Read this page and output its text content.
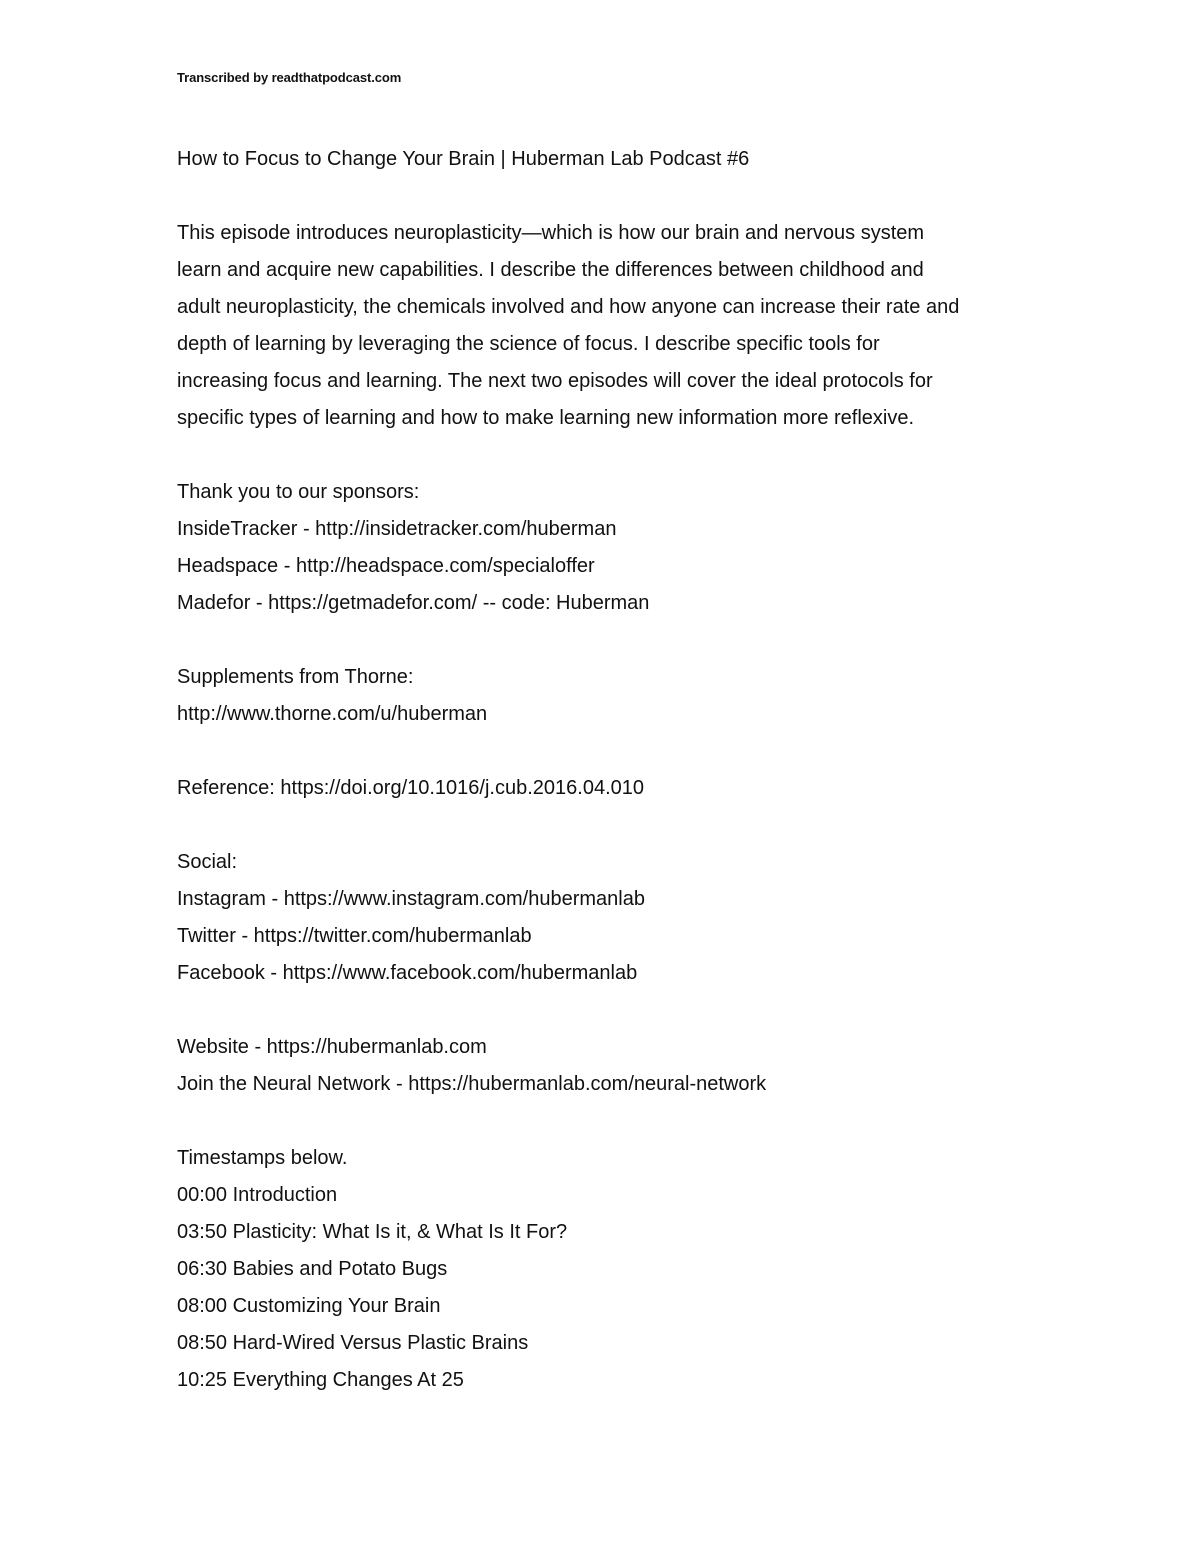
Transcribed by readthatpodcast.com
How to Focus to Change Your Brain | Huberman Lab Podcast #6
This episode introduces neuroplasticity—which is how our brain and nervous system
learn and acquire new capabilities. I describe the differences between childhood and
adult neuroplasticity, the chemicals involved and how anyone can increase their rate and
depth of learning by leveraging the science of focus. I describe specific tools for
increasing focus and learning. The next two episodes will cover the ideal protocols for
specific types of learning and how to make learning new information more reflexive.
Thank you to our sponsors:
InsideTracker - http://insidetracker.com/huberman
Headspace - http://headspace.com/specialoffer
Madefor - https://getmadefor.com/ -- code: Huberman
Supplements from Thorne:
http://www.thorne.com/u/huberman
Reference: https://doi.org/10.1016/j.cub.2016.04.010
Social:
Instagram - https://www.instagram.com/hubermanlab
Twitter - https://twitter.com/hubermanlab
Facebook - https://www.facebook.com/hubermanlab
Website - https://hubermanlab.com
Join the Neural Network - https://hubermanlab.com/neural-network
Timestamps below.
00:00 Introduction
03:50 Plasticity: What Is it, & What Is It For?
06:30 Babies and Potato Bugs
08:00 Customizing Your Brain
08:50 Hard-Wired Versus Plastic Brains
10:25 Everything Changes At 25
